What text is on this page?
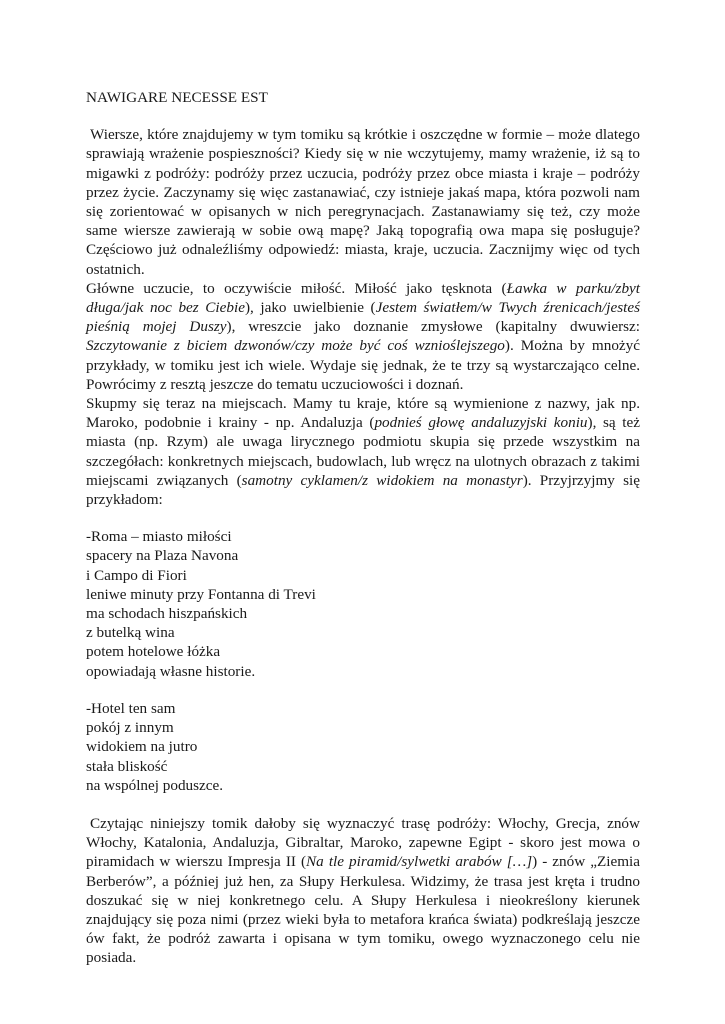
NAWIGARE NECESSE EST

Wiersze, które znajdujemy w tym tomiku są krótkie i oszczędne w formie – może dlatego sprawiają wrażenie pospieszności? Kiedy się w nie wczytujemy, mamy wrażenie, iż są to migawki z podróży: podróży przez uczucia, podróży przez obce miasta i kraje – podróży przez życie. Zaczynamy się więc zastanawiać, czy istnieje jakaś mapa, która pozwoli nam się zorientować w opisanych w nich peregrynacjach. Zastanawiamy się też, czy może same wiersze zawierają w sobie ową mapę? Jaką topografią owa mapa się posługuje? Częściowo już odnaleźliśmy odpowiedź: miasta, kraje, uczucia. Zacznijmy więc od tych ostatnich.

Główne uczucie, to oczywiście miłość. Miłość jako tęsknota (Ławka w parku/zbyt długa/jak noc bez Ciebie), jako uwielbienie (Jestem światłem/w Twych źrenicach/jesteś pieśnią mojej Duszy), wreszcie jako doznanie zmysłowe (kapitalny dwuwiersz: Szczytowanie z biciem dzwonów/czy może być coś wznioślejszego). Można by mnożyć przykłady, w tomiku jest ich wiele. Wydaje się jednak, że te trzy są wystarczająco celne. Powrócimy z resztą jeszcze do tematu uczuciowości i doznań.

Skupmy się teraz na miejscach. Mamy tu kraje, które są wymienione z nazwy, jak np. Maroko, podobnie i krainy - np. Andaluzja (podnieś głowę andaluzyjski koniu), są też miasta (np. Rzym) ale uwaga lirycznego podmiotu skupia się przede wszystkim na szczegółach: konkretnych miejscach, budowlach, lub wręcz na ulotnych obrazach z takimi miejscami związanych (samotny cyklamen/z widokiem na monastyr). Przyjrzyjmy się przykładom:

-Roma – miasto miłości
spacery na Plaza Navona
i Campo di Fiori
leniwe minuty przy Fontanna di Trevi
ma schodach hiszpańskich
z butelką wina
potem hotelowe łóżka
opowiadają własne historie.
-Hotel ten sam
pokój z innym
widokiem na jutro
stała bliskość
na wspólnej poduszce.

Czytając niniejszy tomik dałoby się wyznaczyć trasę podróży: Włochy, Grecja, znów Włochy, Katalonia, Andaluzja, Gibraltar, Maroko, zapewne Egipt - skoro jest mowa o piramidach w wierszu Impresja II (Na tle piramid/sylwetki arabów […]) - znów „Ziemia Berberów”, a później już hen, za Słupy Herkulesa. Widzimy, że trasa jest kręta i trudno doszukać się w niej konkretnego celu. A Słupy Herkulesa i nieokreślony kierunek znajdujący się poza nimi (przez wieki była to metafora krańca świata) podkreślają jeszcze ów fakt, że podróż zawarta i opisana w tym tomiku, owego wyznaczonego celu nie posiada.
